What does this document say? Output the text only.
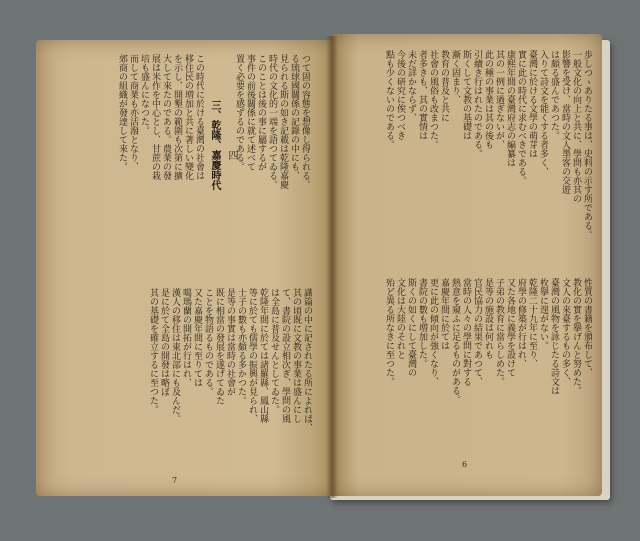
つて固の容態を想像し得られる。
る琉球國關係の記錄の中にも、
見られる斯の如き記載は乾隆嘉慶
時代の文化的一端を語つてゐる。
このことは後の事に屬するが
事件の前後關係に就て述べて
置く必要を感ずるのである。
四
三、乾隆、嘉慶時代
この時代に於ける臺灣の社會は
移住民の増加と共に著しい變化
を示し、開墾の範圍も次第に擴
大して來たのである。農業の發
展は米作を中心とし、甘蔗の栽
培も盛んになつた。
而して商業も亦活潑となり、
郊商の組織が發達して來た。
識篇の中に記されたる所によれば、
其の頃既に文教の事業は盛んにし
て、書院の設立相次ぎ、學問の風
は全島に普及せんとしてゐた。
乾隆年間に於ては諸羅縣、鳳山縣
等に於ても儒學の振興が見られ、
士子の數も亦頗る多かつた。
是等の事實は當時の社會が
既に相當の發展を遂げてゐた
ことを物語るものである。
又た嘉慶年間に至りては
噶瑪蘭の開拓が行はれ、
漢人の移住は東北部にも及んだ。
是に於て全島の開發は略ぼ
其の基礎を確立するに至つた。
7
歩しつゝありたる事は、史料の示す所である。
一般文化の向上と共に、學問も亦其の
影響を受け、當時の文人墨客の交遊
は頗る盛んであつた。
入りて詩文を能くする者多く、
臺灣に於ける文學の萌芽は
實に此の時代に求むべきである。
康熙年間の臺灣府志の編纂は
其の一例に過ぎないが、
此の種の事業は其の後も
引續き行はれたのである。
斯くして文教の基礎は
漸く固まり、
教育の普及と共に
社會の風俗も改まつた。
者多きも、其の實情は
未だ詳かならず、
今後の研究に俟つべき
點も少くないのである。
性質の書籍を頒布して、
教化の實を擧げんと努めた。
文人の來臺するもの多く、
臺灣の風物を詠じたる詩文は
枚擧に遑がない。
乾隆二十九年に至り、
府學の修築が行はれ、
又た各地に義學を設けて
子弟の教育に當らしめた。
是等の施設は何れも
官民協力の結果であつて、
當時の人々の學問に對する
熱意を窺ふに足るものがある。
嘉慶年間に於ては
更に此の傾向が強くなり、
書院の數も増加した。
斯くの如くにして臺灣の
文化は大陸のそれと
殆ど異る所なきに至つた。
6
